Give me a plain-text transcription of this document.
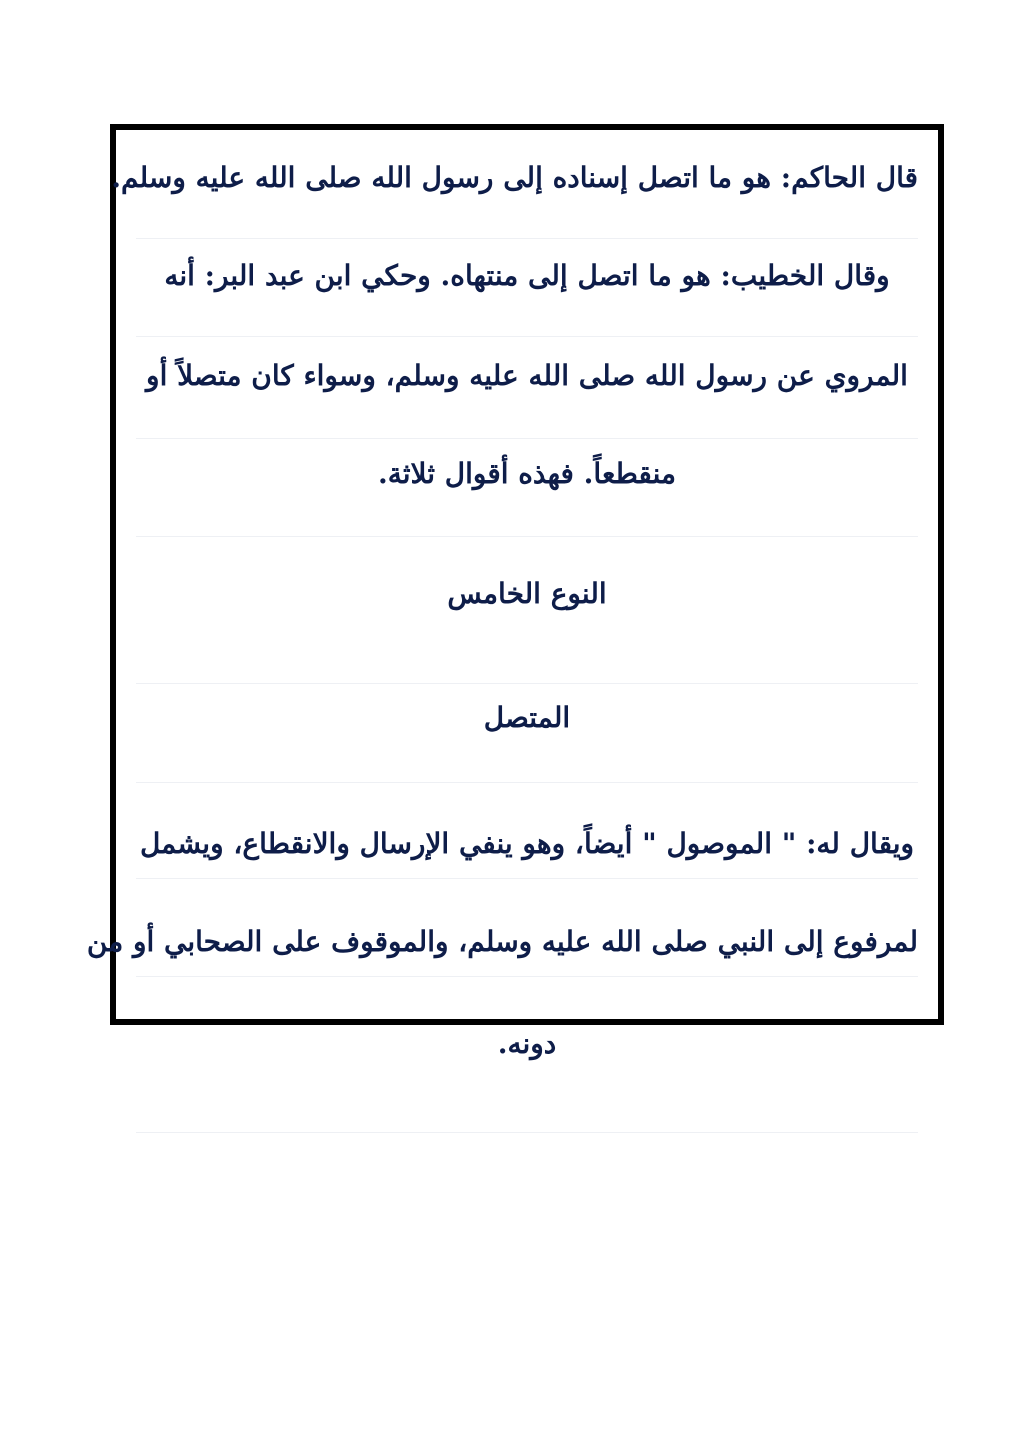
قال الحاكم: هو ما اتصل إسناده إلى رسول الله صلى الله عليه وسلم.
وقال الخطيب: هو ما اتصل إلى منتهاه. وحكي ابن عبد البر: أنه
المروي عن رسول الله صلى الله عليه وسلم، وسواء كان متصلاً أو
منقطعاً. فهذه أقوال ثلاثة.
النوع الخامس
المتصل
ويقال له: " الموصول " أيضاً، وهو ينفي الإرسال والانقطاع، ويشمل
لمرفوع إلى النبي صلى الله عليه وسلم، والموقوف على الصحابي أو من
دونه.
